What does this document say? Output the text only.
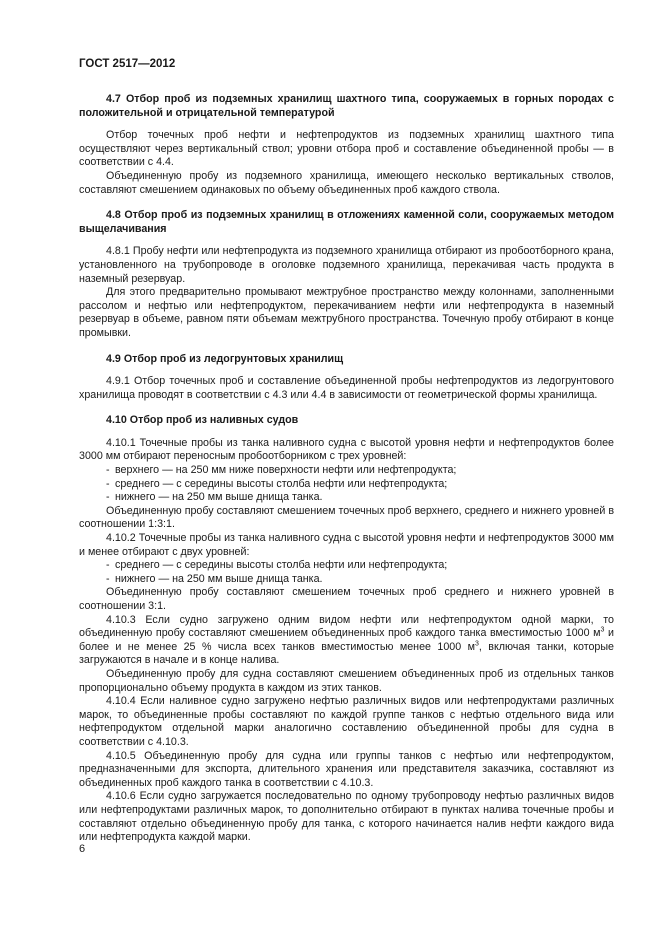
ГОСТ 2517—2012
4.7 Отбор проб из подземных хранилищ шахтного типа, сооружаемых в горных породах с положительной и отрицательной температурой
Отбор точечных проб нефти и нефтепродуктов из подземных хранилищ шахтного типа осуществляют через вертикальный ствол; уровни отбора проб и составление объединенной пробы — в соответствии с 4.4.
Объединенную пробу из подземного хранилища, имеющего несколько вертикальных стволов, составляют смешением одинаковых по объему объединенных проб каждого ствола.
4.8 Отбор проб из подземных хранилищ в отложениях каменной соли, сооружаемых методом выщелачивания
4.8.1 Пробу нефти или нефтепродукта из подземного хранилища отбирают из пробоотборного крана, установленного на трубопроводе в оголовке подземного хранилища, перекачивая часть продукта в наземный резервуар.
Для этого предварительно промывают межтрубное пространство между колоннами, заполненными рассолом и нефтью или нефтепродуктом, перекачиванием нефти или нефтепродукта в наземный резервуар в объеме, равном пяти объемам межтрубного пространства. Точечную пробу отбирают в конце промывки.
4.9 Отбор проб из ледогрунтовых хранилищ
4.9.1 Отбор точечных проб и составление объединенной пробы нефтепродуктов из ледогрунтового хранилища проводят в соответствии с 4.3 или 4.4 в зависимости от геометрической формы хранилища.
4.10 Отбор проб из наливных судов
4.10.1 Точечные пробы из танка наливного судна с высотой уровня нефти и нефтепродуктов более 3000 мм отбирают переносным пробоотборником с трех уровней:
- верхнего — на 250 мм ниже поверхности нефти или нефтепродукта;
- среднего — с середины высоты столба нефти или нефтепродукта;
- нижнего — на 250 мм выше днища танка.
Объединенную пробу составляют смешением точечных проб верхнего, среднего и нижнего уровней в соотношении 1:3:1.
4.10.2 Точечные пробы из танка наливного судна с высотой уровня нефти и нефтепродуктов 3000 мм и менее отбирают с двух уровней:
- среднего — с середины высоты столба нефти или нефтепродукта;
- нижнего — на 250 мм выше днища танка.
Объединенную пробу составляют смешением точечных проб среднего и нижнего уровней в соотношении 3:1.
4.10.3 Если судно загружено одним видом нефти или нефтепродуктом одной марки, то объединенную пробу составляют смешением объединенных проб каждого танка вместимостью 1000 $м^3$ и более и не менее 25 % числа всех танков вместимостью менее 1000 $м^3$, включая танки, которые загружаются в начале и в конце налива.
Объединенную пробу для судна составляют смешением объединенных проб из отдельных танков пропорционально объему продукта в каждом из этих танков.
4.10.4 Если наливное судно загружено нефтью различных видов или нефтепродуктами различных марок, то объединенные пробы составляют по каждой группе танков с нефтью отдельного вида или нефтепродуктом отдельной марки аналогично составлению объединенной пробы для судна в соответствии с 4.10.3.
4.10.5 Объединенную пробу для судна или группы танков с нефтью или нефтепродуктом, предназначенными для экспорта, длительного хранения или представителя заказчика, составляют из объединенных проб каждого танка в соответствии с 4.10.3.
4.10.6 Если судно загружается последовательно по одному трубопроводу нефтью различных видов или нефтепродуктами различных марок, то дополнительно отбирают в пунктах налива точечные пробы и составляют отдельно объединенную пробу для танка, с которого начинается налив нефти каждого вида или нефтепродукта каждой марки.
6
